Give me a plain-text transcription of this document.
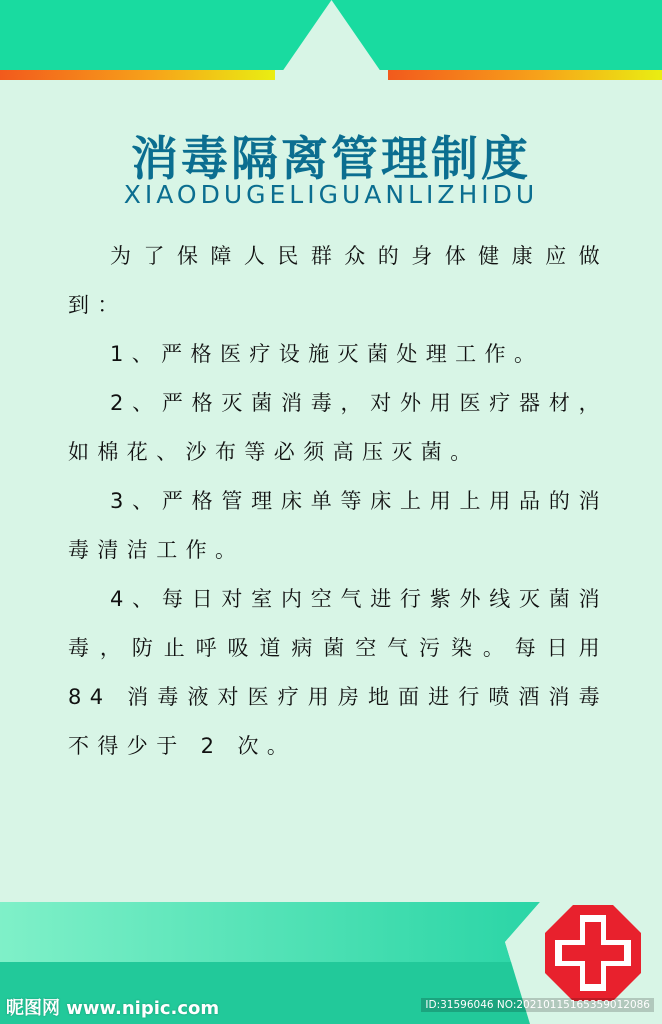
消毒隔离管理制度
XIAODUGELIGUANLIZHIDU

为了保障人民群众的身体健康应做到：

1、严格医疗设施灭菌处理工作。

2、严格灭菌消毒，对外用医疗器材，如棉花、沙布等必须高压灭菌。

3、严格管理床单等床上用上用品的消毒清洁工作。

4、每日对室内空气进行紫外线灭菌消毒，防止呼吸道病菌空气污染。每日用 84 消毒液对医疗用房地面进行喷酒消毒不得少于 2 次。

昵图网 www.nipic.com	ID:31596046 NO:20210115165359012086
